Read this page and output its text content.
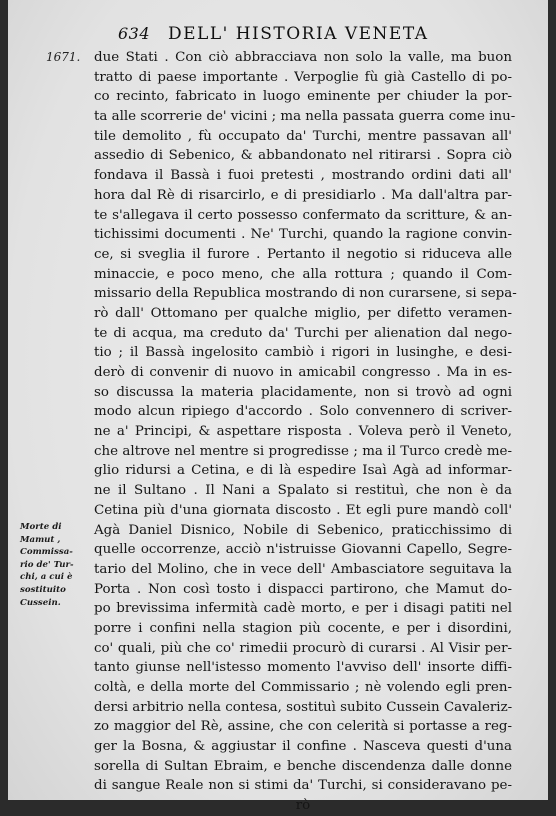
634 DELL' HISTORIA VENETA
1671. due Stati . Con ciò abbracciava non solo la valle, ma buon
tratto di paese importante . Verpoglie fù già Castello di po-
co recinto, fabricato in luogo eminente per chiuder la por-
ta alle scorrerie de' vicini ; ma nella passata guerra come inu-
tile demolito , fù occupato da' Turchi, mentre passavan all'
assedio di Sebenico, & abbandonato nel ritirarsi . Sopra ciò
fondava il Bassà i fuoi pretesti , mostrando ordini dati all'
hora dal Rè di risarcirlo, e di presidiarlo . Ma dall'altra par-
te s'allegava il certo possesso confermato da scritture, & an-
tichissimi documenti . Ne' Turchi, quando la ragione convin-
ce, si sveglia il furore . Pertanto il negotio si riduceva alle
minaccie, e poco meno, che alla rottura ; quando il Com-
missario della Republica mostrando di non curarsene, si sepa-
rò dall' Ottomano per qualche miglio, per difetto veramen-
te di acqua, ma creduto da' Turchi per alienation dal nego-
tio ; il Bassà ingelosito cambiò i rigori in lusinghe, e desi-
derò di convenir di nuovo in amicabil congresso . Ma in es-
so discussa la materia placidamente, non si trovò ad ogni
modo alcun ripiego d'accordo . Solo convennero di scriver-
ne a' Principi, & aspettare risposta . Voleva però il Veneto,
che altrove nel mentre si progredisse ; ma il Turco credè me-
glio ridursi a Cetina, e di là espedire Isaì Agà ad informar-
ne il Sultano . Il Nani a Spalato si restituì, che non è da
Cetina più d'una giornata discosto . Et egli pure mandò coll'
Agà Daniel Disnico, Nobile di Sebenico, praticchissimo di
quelle occorrenze, acciò n'istruisse Giovanni Capello, Segre-
tario del Molino, che in vece dell' Ambasciatore seguitava la
Porta . Non così tosto i dispacci partirono, che Mamut do-
po brevissima infermità cadè morto, e per i disagi patiti nel
porre i confini nella stagion più cocente, e per i disordini,
co' quali, più che co' rimedii procurò di curarsi . Al Visir per-
tanto giunse nell'istesso momento l'avviso dell' insorte diffi-
coltà, e della morte del Commissario ; nè volendo egli pren-
dersi arbitrio nella contesa, sostituì subito Cussein Cavaleriz-
zo maggior del Rè, assine, che con celerità si portasse a reg-
ger la Bosna, & aggiustar il confine . Nasceva questi d'una
sorella di Sultan Ebraim, e benche discendenza dalle donne
di sangue Reale non si stimi da' Turchi, si consideravano pe-
rò
Morte di
Mamut ,
Commissa-
rio de' Tur-
chi, a cui è
sostituito
Cussein.
